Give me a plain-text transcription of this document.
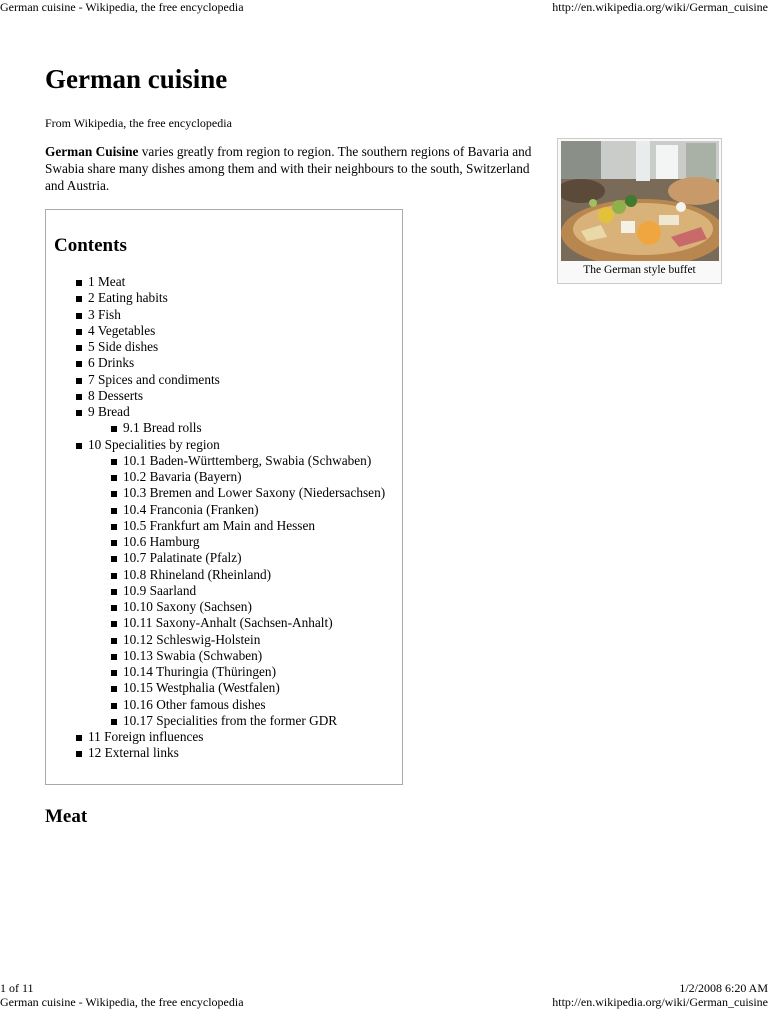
German cuisine - Wikipedia, the free encyclopedia	http://en.wikipedia.org/wiki/German_cuisine
German cuisine
From Wikipedia, the free encyclopedia
German Cuisine varies greatly from region to region. The southern regions of Bavaria and Swabia share many dishes among them and with their neighbours to the south, Switzerland and Austria.
The German style buffet
Contents
1 Meat
2 Eating habits
3 Fish
4 Vegetables
5 Side dishes
6 Drinks
7 Spices and condiments
8 Desserts
9 Bread
9.1 Bread rolls
10 Specialities by region
10.1 Baden-Württemberg, Swabia (Schwaben)
10.2 Bavaria (Bayern)
10.3 Bremen and Lower Saxony (Niedersachsen)
10.4 Franconia (Franken)
10.5 Frankfurt am Main and Hessen
10.6 Hamburg
10.7 Palatinate (Pfalz)
10.8 Rhineland (Rheinland)
10.9 Saarland
10.10 Saxony (Sachsen)
10.11 Saxony-Anhalt (Sachsen-Anhalt)
10.12 Schleswig-Holstein
10.13 Swabia (Schwaben)
10.14 Thuringia (Thüringen)
10.15 Westphalia (Westfalen)
10.16 Other famous dishes
10.17 Specialities from the former GDR
11 Foreign influences
12 External links
Meat
1 of 11	1/2/2008 6:20 AM
German cuisine - Wikipedia, the free encyclopedia	http://en.wikipedia.org/wiki/German_cuisine
